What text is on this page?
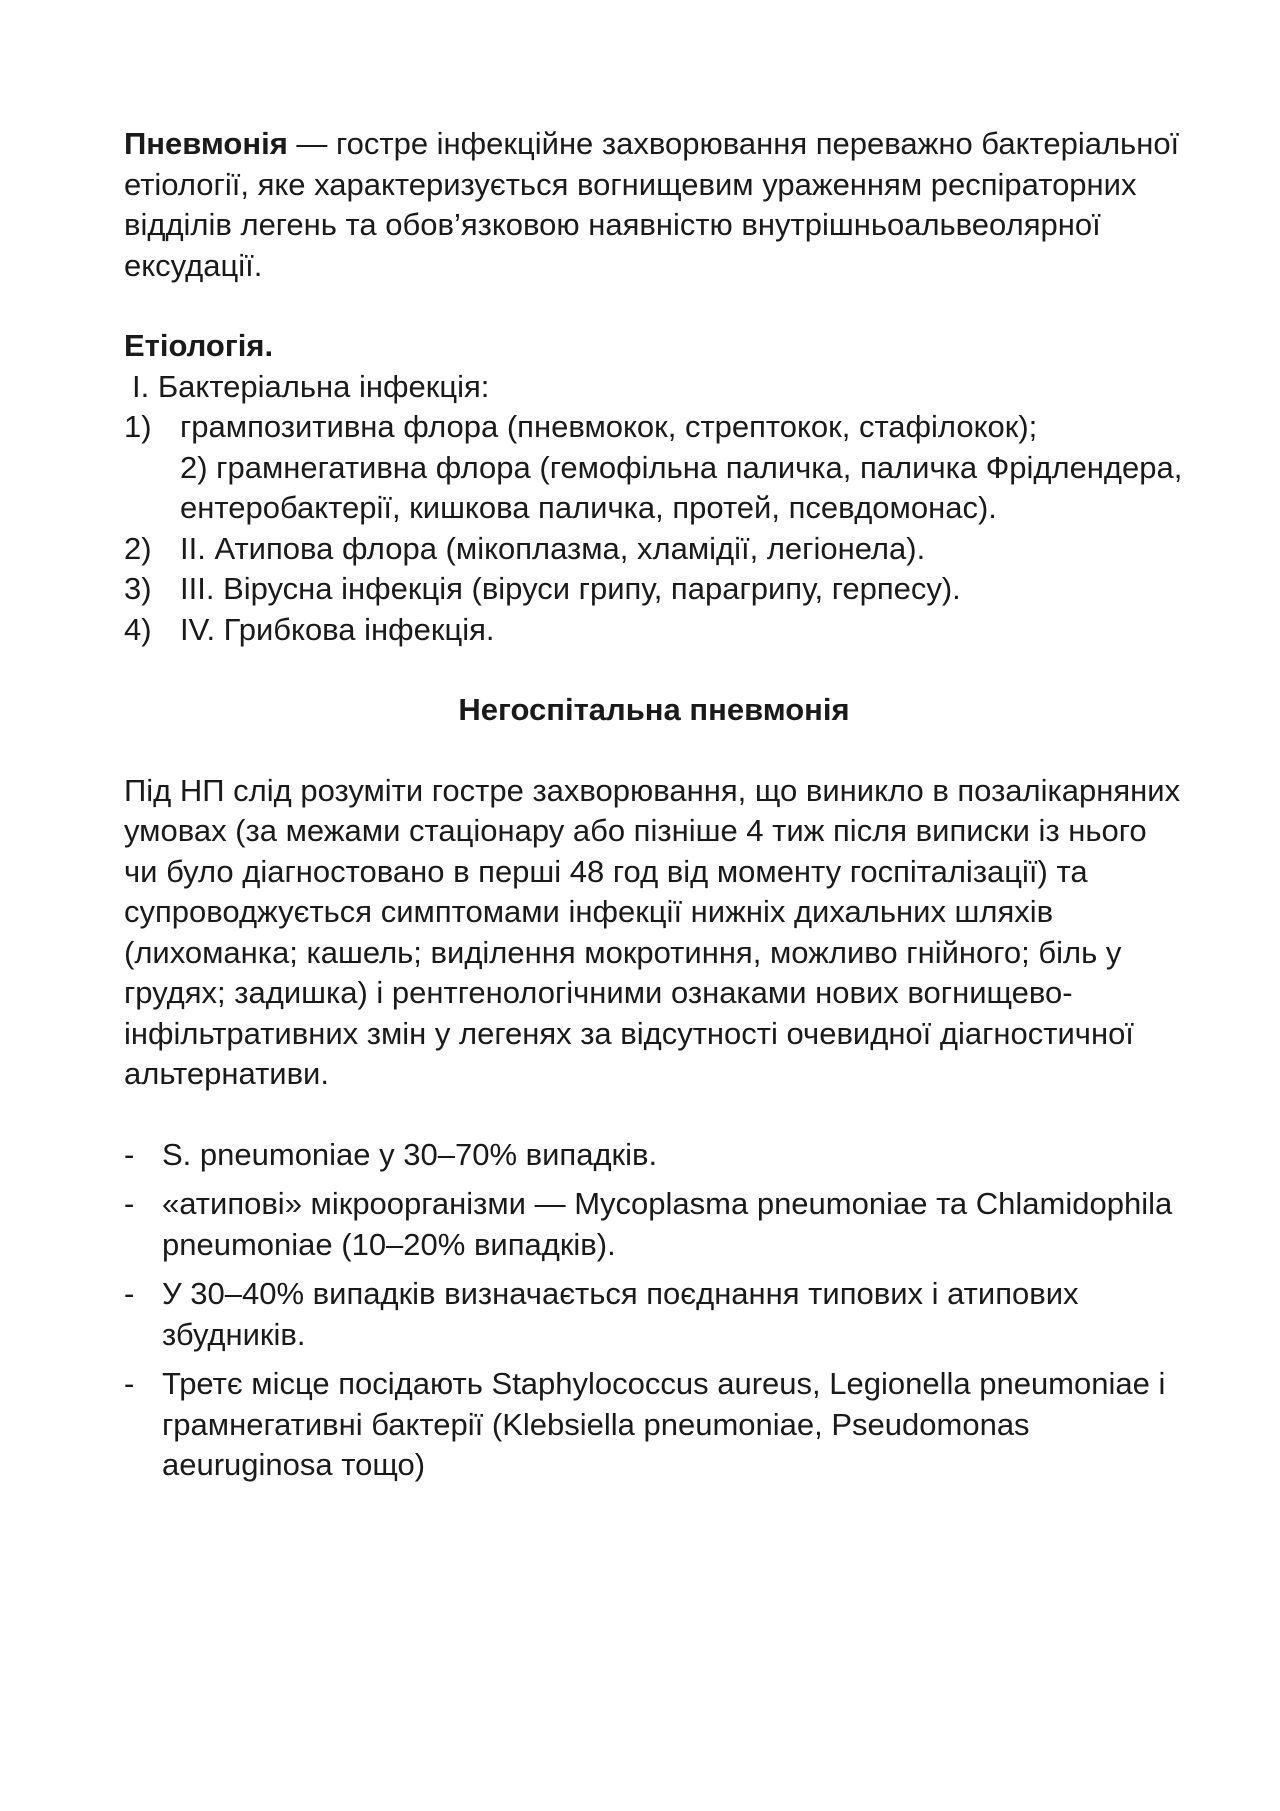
Пневмонія — гостре інфекційне захворювання переважно бактеріальної етіології, яке характеризується вогнищевим ураженням респіраторних відділів легень та обов’язковою наявністю внутрішньоальвеолярної ексудації.

Етіологія.

I. Бактеріальна інфекція:

1) грампозитивна флора (пневмокок, стрептокок, стафілокок);
2) грамнегативна флора (гемофільна паличка, паличка Фрідлендера, ентеробактерії, кишкова паличка, протей, псевдомонас).
2) II. Атипова флора (мікоплазма, хламідії, легіонела).
3) III. Вірусна інфекція (віруси грипу, парагрипу, герпесу).
4) IV. Грибкова інфекція.

Негоспітальна пневмонія

Під НП слід розуміти гостре захворювання, що виникло в позалікарняних умовах (за межами стаціонару або пізніше 4 тиж після виписки із нього чи було діагностовано в перші 48 год від моменту госпіталізації) та супроводжується симптомами інфекції нижніх дихальних шляхів (лихоманка; кашель; виділення мокротиння, можливо гнійного; біль у грудях; задишка) і рентгенологічними ознаками нових вогнищево-інфільтративних змін у легенях за відсутності очевидної діагностичної альтернативи.

- S. pneumoniae у 30–70% випадків.
- «атипові» мікроорганізми — Mycoplasma pneumoniae та Chlamidophila pneumoniae (10–20% випадків).
- У 30–40% випадків визначається поєднання типових і атипових збудників.
- Третє місце посідають Staphylococcus aureus, Legionella pneumoniae і грамнегативні бактерії (Klebsiella pneumoniae, Pseudomonas aeuruginosa тощо)
